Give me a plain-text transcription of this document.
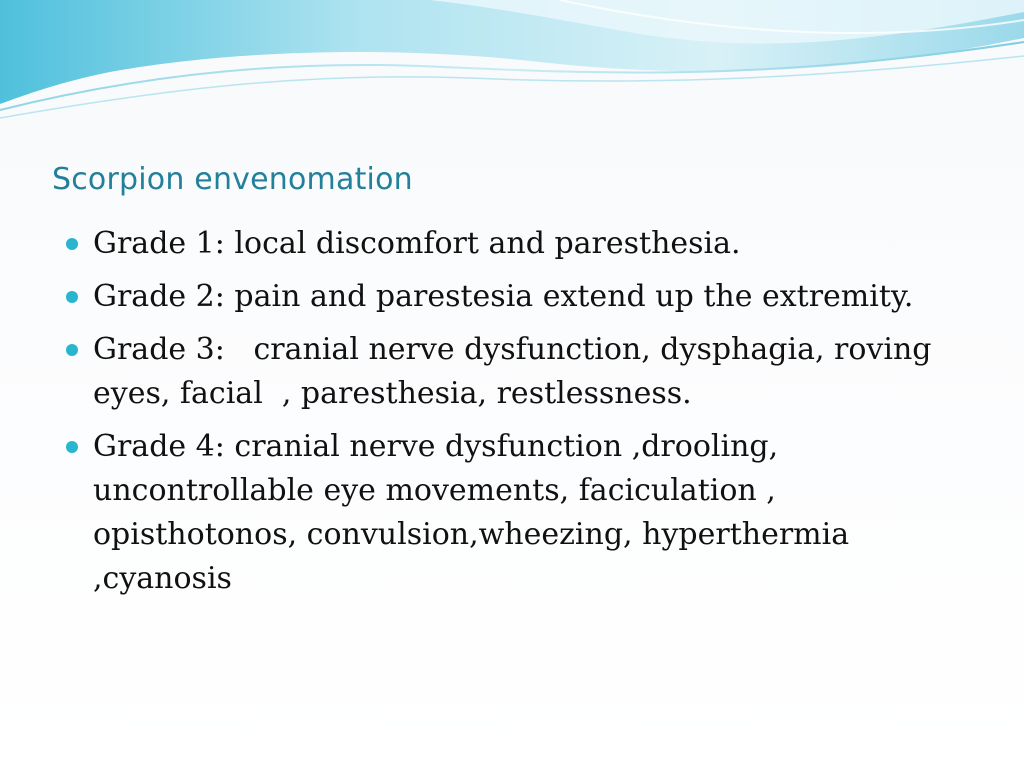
Scorpion envenomation
Grade 1: local discomfort and paresthesia.
Grade 2: pain and parestesia extend up the extremity.
Grade 3:   cranial nerve dysfunction, dysphagia, roving eyes, facial  , paresthesia, restlessness.
Grade 4: cranial nerve dysfunction ,drooling, uncontrollable eye movements, faciculation , opisthotonos, convulsion,wheezing, hyperthermia ,cyanosis
